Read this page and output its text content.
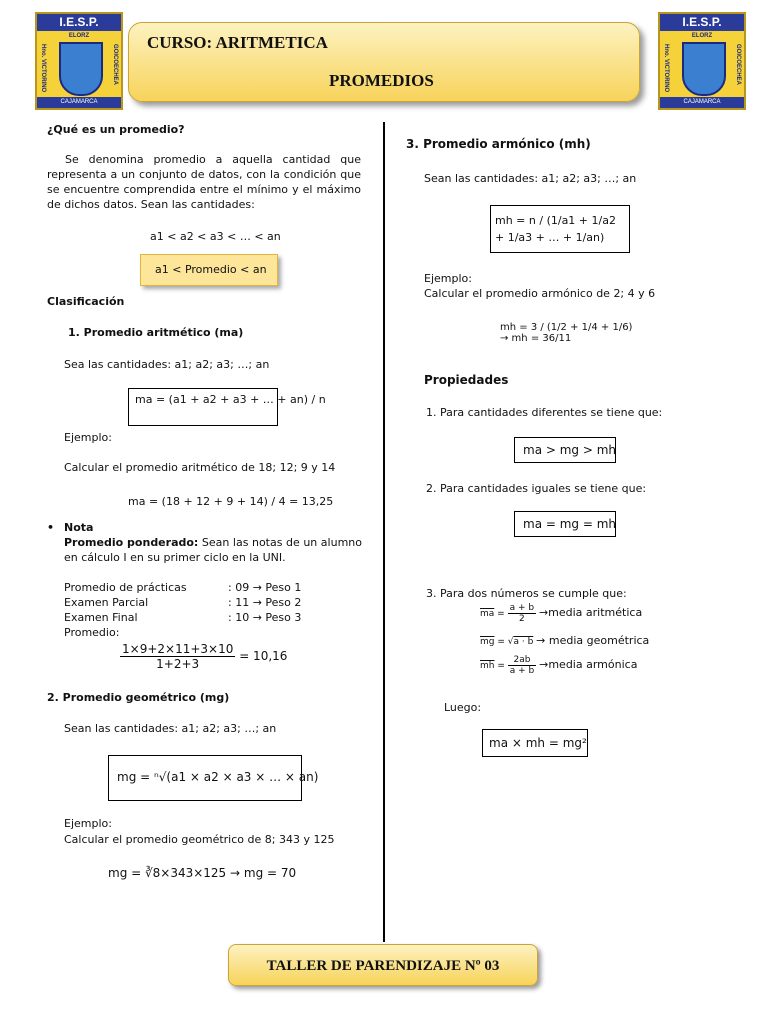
I.E.S.P.
ELORZ
Hno. VICTORINO	GOICOECHEA
CAJAMARCA
I.E.S.P.
ELORZ
Hno. VICTORINO	GOICOECHEA
CAJAMARCA
CURSO: ARITMETICA
PROMEDIOS
¿Qué es un promedio?
Se denomina promedio a aquella cantidad que representa a un conjunto de datos, con la condición que se encuentre comprendida entre el mínimo y el máximo de dichos datos. Sean las cantidades:
a1 < a2 < a3 < … < an
a1 < Promedio < an
Clasificación
1. Promedio aritmético (ma)
Sea las cantidades: a1; a2; a3; …; an
ma = (a1 + a2 + a3 + … + an) / n
Ejemplo:
Calcular el promedio aritmético de 18; 12; 9 y 14
ma = (18 + 12 + 9 + 14) / 4 = 13,25
• Nota
Promedio ponderado: Sean las notas de un alumno en cálculo I en su primer ciclo en la UNI.
Promedio de prácticas	: 09 → Peso 1
Examen Parcial	: 11 → Peso 2
Examen Final	: 10 → Peso 3
Promedio:
$\frac{1\times 9+2\times 11+3\times 10}{1+2+3} = 10,16$
2. Promedio geométrico (mg)
Sean las cantidades: a1; a2; a3; …; an
mg = ⁿ√(a1 × a2 × a3 × … × an)
Ejemplo:
Calcular el promedio geométrico de 8; 343 y 125
mg = ∛8×343×125 → mg = 70
3. Promedio armónico (mh)
Sean las cantidades: a1; a2; a3; …; an
mh = n / (1/a1 + 1/a2 + 1/a3 + … + 1/an)
Ejemplo:
Calcular el promedio armónico de 2; 4 y 6
mh = 3 / (1/2 + 1/4 + 1/6) → mh = 36/11
Propiedades
1. Para cantidades diferentes se tiene que:
ma > mg > mh
2. Para cantidades iguales se tiene que:
ma = mg = mh
3. Para dos números se cumple que:
$\overline{ma} = \frac{a + b}{2}$ →media aritmética
$\overline{mg} = √a \cdot b$ → media geométrica
$\overline{mh} = \frac{2ab}{a + b}$ →media armónica
Luego:
ma × mh = mg²
TALLER DE PARENDIZAJE Nº 03
